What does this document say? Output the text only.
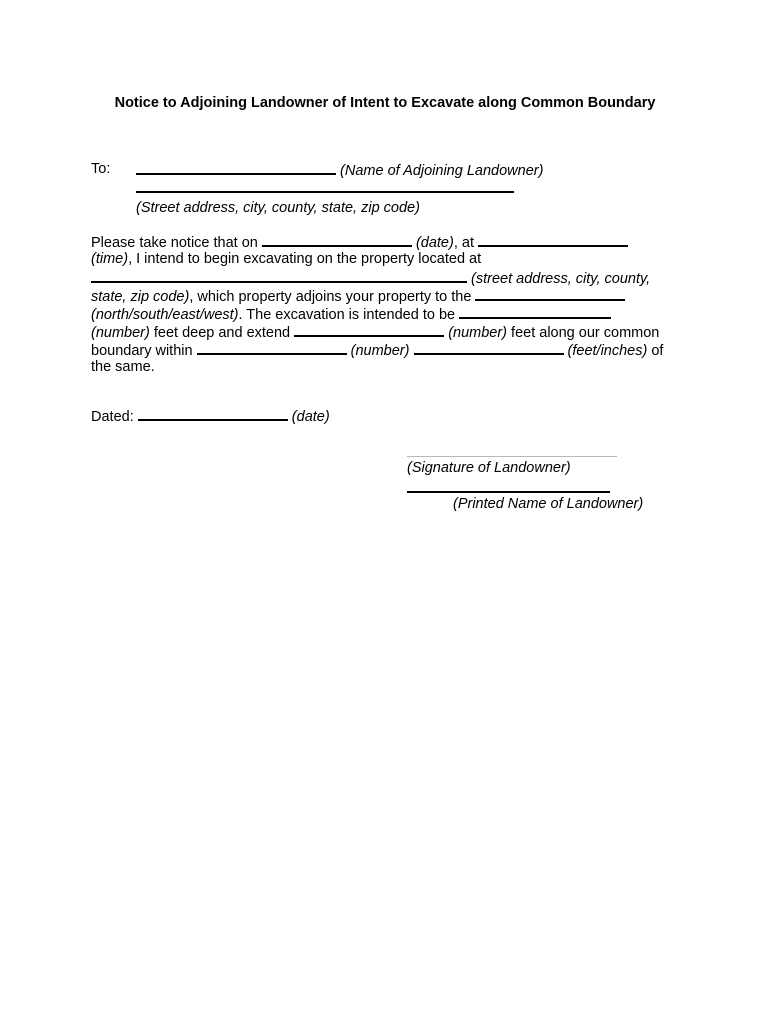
Notice to Adjoining Landowner of Intent to Excavate along Common Boundary
To:	(Name of Adjoining Landowner)
(Street address, city, county, state, zip code)
Please take notice that on	(date), at
(time), I intend to begin excavating on the property located at
(street address, city, county,
state, zip code), which property adjoins your property to the
(north/south/east/west). The excavation is intended to be
(number) feet deep and extend	(number) feet along our common
boundary within	(number)	(feet/inches) of
the same.
Dated:	(date)
(Signature of Landowner)
(Printed Name of Landowner)
